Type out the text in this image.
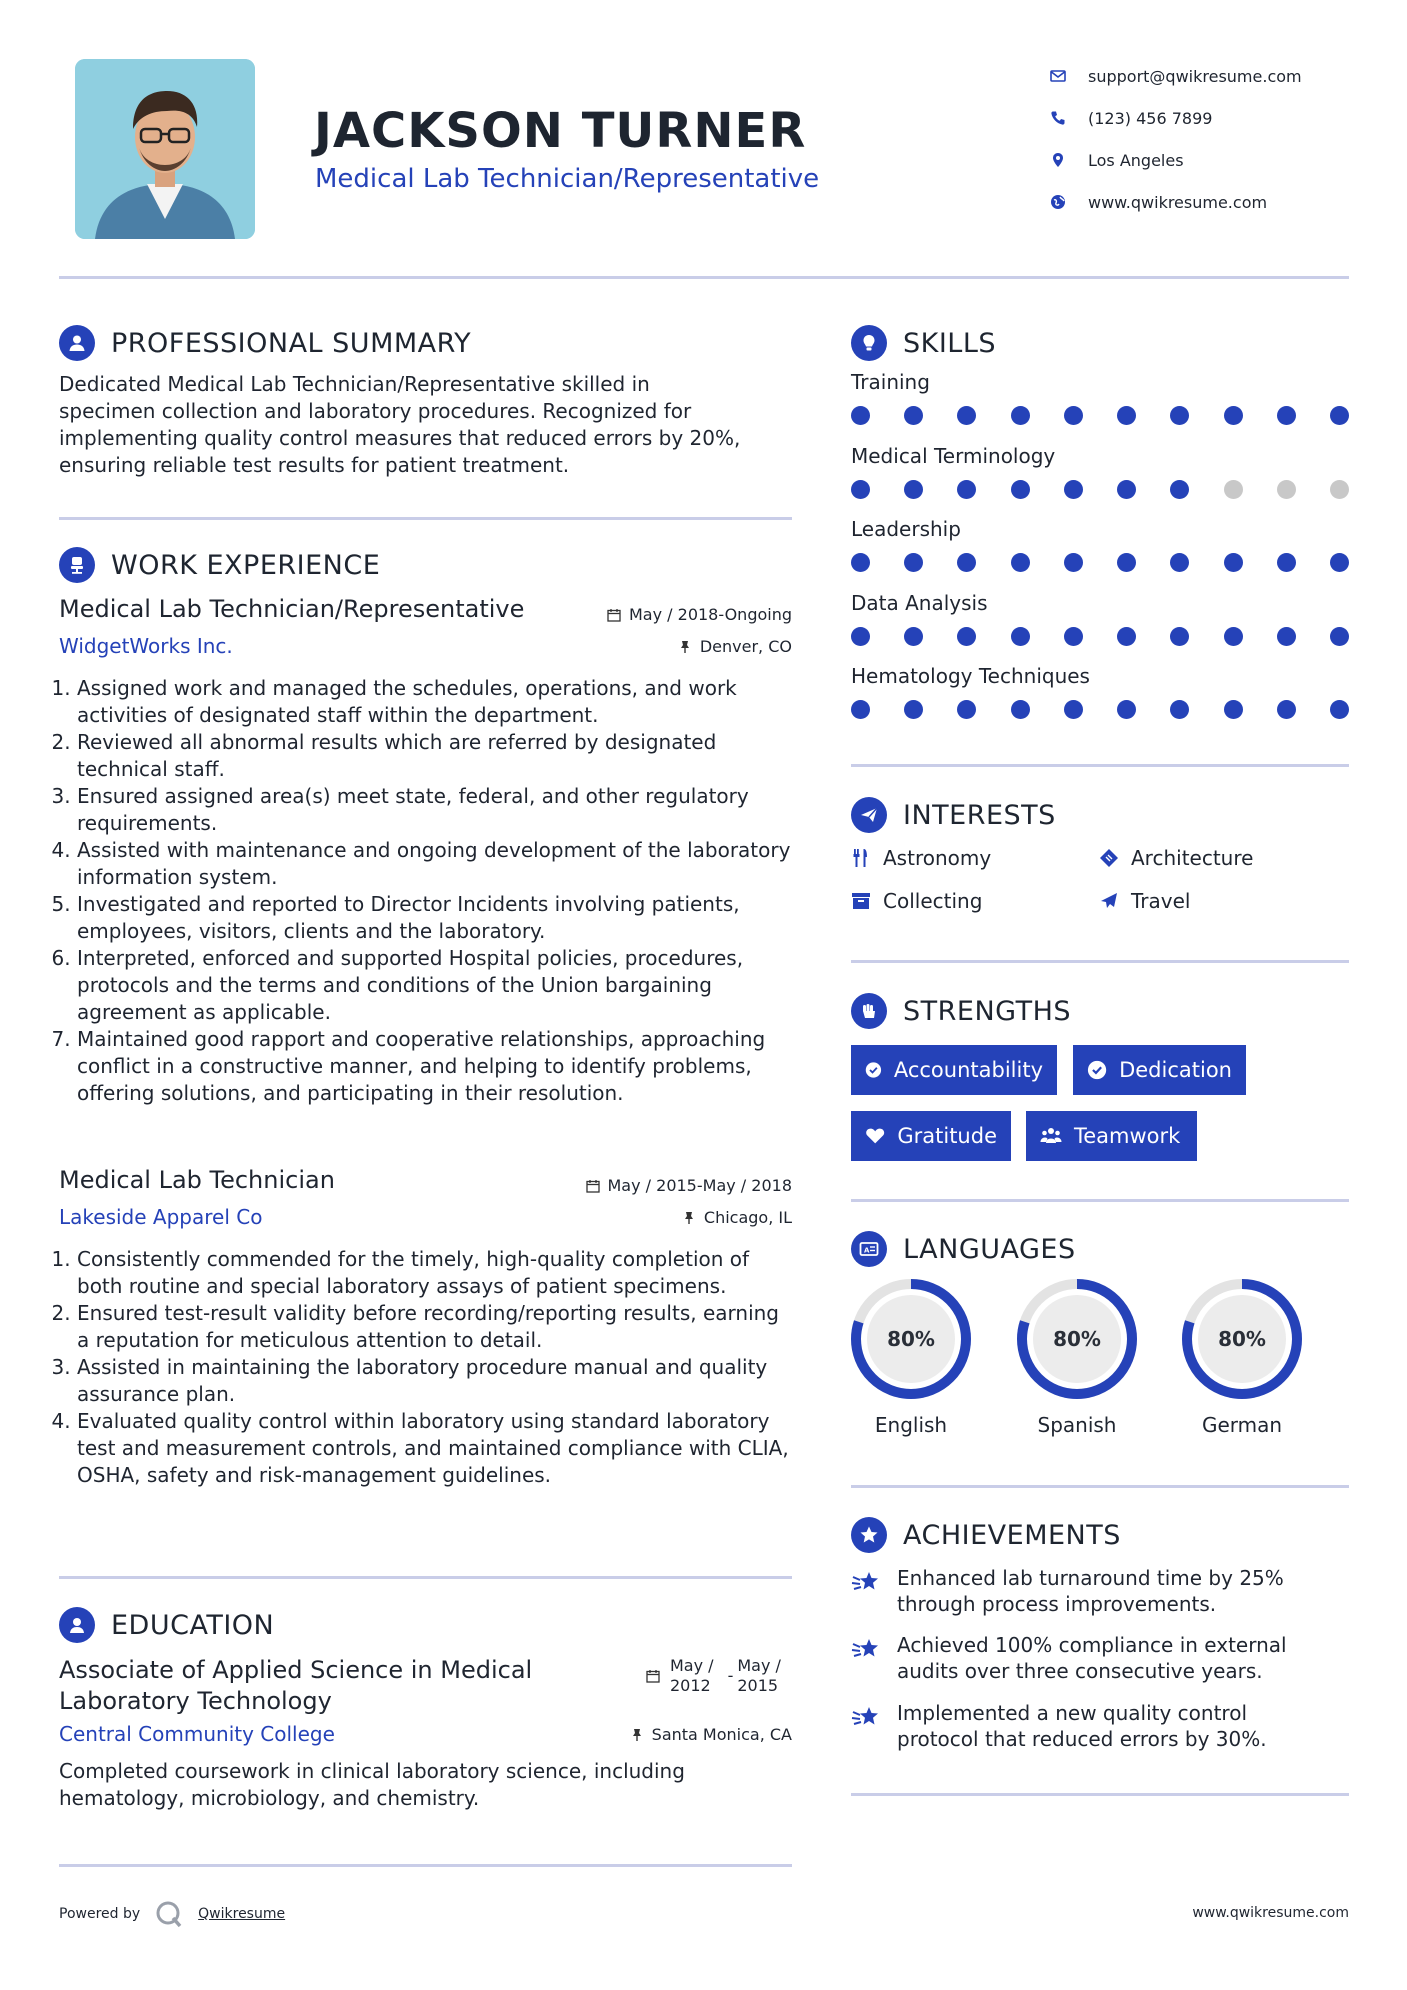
JACKSON TURNER
Medical Lab Technician/Representative
support@qwikresume.com
(123) 456 7899
Los Angeles
www.qwikresume.com
PROFESSIONAL SUMMARY
Dedicated Medical Lab Technician/Representative skilled in
specimen collection and laboratory procedures. Recognized for
implementing quality control measures that reduced errors by 20%,
ensuring reliable test results for patient treatment.
WORK EXPERIENCE
Medical Lab Technician/Representative	May / 2018-Ongoing
WidgetWorks Inc.	Denver, CO
1. Assigned work and managed the schedules, operations, and work activities of designated staff within the department.
2. Reviewed all abnormal results which are referred by designated technical staff.
3. Ensured assigned area(s) meet state, federal, and other regulatory requirements.
4. Assisted with maintenance and ongoing development of the laboratory information system.
5. Investigated and reported to Director Incidents involving patients, employees, visitors, clients and the laboratory.
6. Interpreted, enforced and supported Hospital policies, procedures, protocols and the terms and conditions of the Union bargaining agreement as applicable.
7. Maintained good rapport and cooperative relationships, approaching conflict in a constructive manner, and helping to identify problems, offering solutions, and participating in their resolution.
Medical Lab Technician	May / 2015-May / 2018
Lakeside Apparel Co	Chicago, IL
1. Consistently commended for the timely, high-quality completion of both routine and special laboratory assays of patient specimens.
2. Ensured test-result validity before recording/reporting results, earning a reputation for meticulous attention to detail.
3. Assisted in maintaining the laboratory procedure manual and quality assurance plan.
4. Evaluated quality control within laboratory using standard laboratory test and measurement controls, and maintained compliance with CLIA, OSHA, safety and risk-management guidelines.
EDUCATION
Associate of Applied Science in Medical
Laboratory Technology
May /
2012
-
May /
2015
Central Community College	Santa Monica, CA
Completed coursework in clinical laboratory science, including
hematology, microbiology, and chemistry.
SKILLS
Training
Medical Terminology
Leadership
Data Analysis
Hematology Techniques
INTERESTS
Astronomy	Architecture
Collecting	Travel
STRENGTHS
Accountability	Dedication
Gratitude	Teamwork
A LANGUAGES
80%
English
80%
Spanish
80%
German
ACHIEVEMENTS
Enhanced lab turnaround time by 25%
through process improvements.
Achieved 100% compliance in external
audits over three consecutive years.
Implemented a new quality control
protocol that reduced errors by 30%.
Powered by	Qwikresume	www.qwikresume.com
